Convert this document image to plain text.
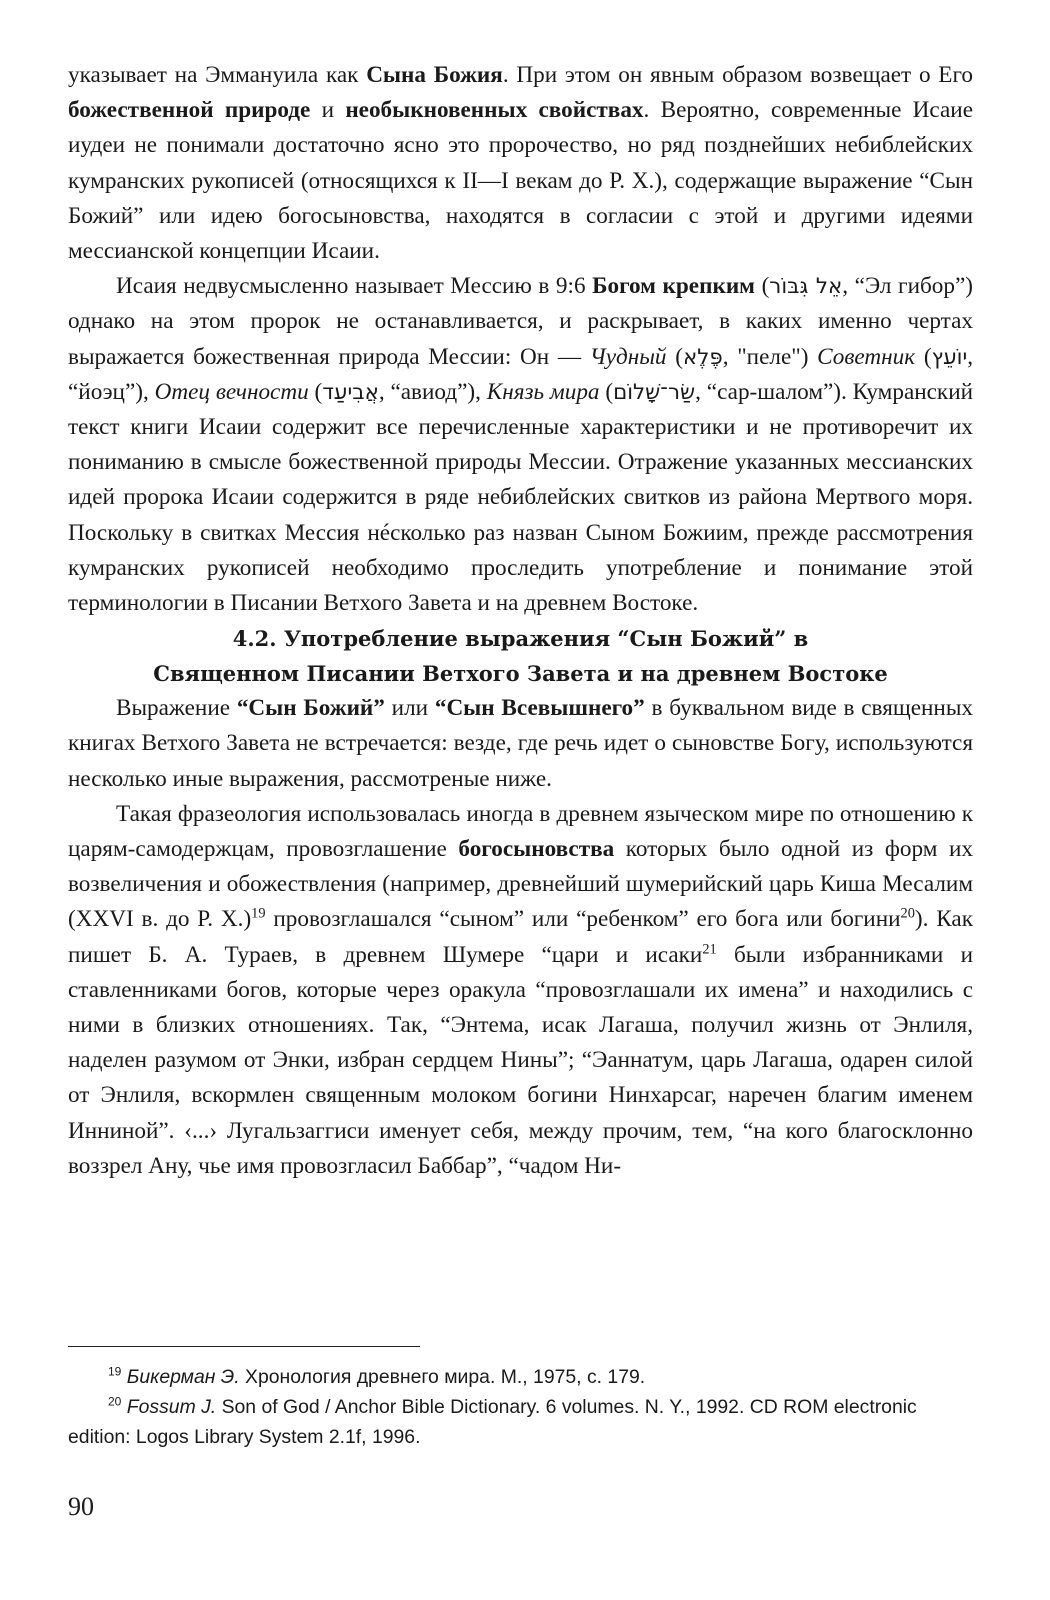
указывает на Эммануила как Сына Божия. При этом он явным образом возвещает о Его божественной природе и необыкновенных свойствах. Вероятно, современные Исаие иудеи не понимали достаточно ясно это пророчество, но ряд позднейших небиблейских кумранских рукописей (относящихся к II—I векам до Р. Х.), содержащие выражение “Сын Божий” или идею богосыновства, находятся в согласии с этой и другими идеями мессианской концепции Исаии.

Исаия недвусмысленно называет Мессию в 9:6 Богом крепким (אֵל גִּבּוֹר, “Эл гибор”) однако на этом пророк не останавливается, и раскрывает, в каких именно чертах выражается божественная природа Мессии: Он — Чудный (פֶּלֶא, "пеле") Советник (יוֹעֵץ, “йоэц”), Отец вечности (אֲבִיעַד, “авиод”), Князь мира (שַׂר־שָׁלוֹם, “сар-шалом”). Кумранский текст книги Исаии содержит все перечисленные характеристики и не противоречит их пониманию в смысле божественной природы Мессии. Отражение указанных мессианских идей пророка Исаии содержится в ряде небиблейских свитков из района Мертвого моря. Поскольку в свитках Мессия нéсколько раз назван Сыном Божиим, прежде рассмотрения кумранских рукописей необходимо проследить употребление и понимание этой терминологии в Писании Ветхого Завета и на древнем Востоке.

4.2. Употребление выражения “Сын Божий” в
Священном Писании Ветхого Завета и на древнем Востоке

Выражение “Сын Божий” или “Сын Всевышнего” в буквальном виде в священных книгах Ветхого Завета не встречается: везде, где речь идет о сыновстве Богу, используются несколько иные выражения, рассмотреные ниже.

Такая фразеология использовалась иногда в древнем языческом мире по отношению к царям-самодержцам, провозглашение богосыновства которых было одной из форм их возвеличения и обожествления (например, древнейший шумерийский царь Киша Месалим (XXVI в. до Р. Х.)$^{19}$ провозглашался “сыном” или “ребенком” его бога или богини$^{20}$). Как пишет Б. А. Тураев, в древнем Шумере “цари и исаки$^{21}$ были избранниками и ставленниками богов, которые через оракула “провозглашали их имена” и находились с ними в близких отношениях. Так, “Энтема, исак Лагаша, получил жизнь от Энлиля, наделен разумом от Энки, избран сердцем Нины”; “Эаннатум, царь Лагаша, одарен силой от Энлиля, вскормлен священным молоком богини Нинхарсаг, наречен благим именем Инниной”. ‹...› Лугальзаггиси именует себя, между прочим, тем, “на кого благосклонно воззрел Ану, чье имя провозгласил Баббар”, “чадом Ни-

$^{19}$ Бикерман Э. Хронология древнего мира. М., 1975, с. 179.

$^{20}$ Fossum J. Son of God / Anchor Bible Dictionary. 6 volumes. N. Y., 1992. CD ROM electronic edition: Logos Library System 2.1f, 1996.

90
